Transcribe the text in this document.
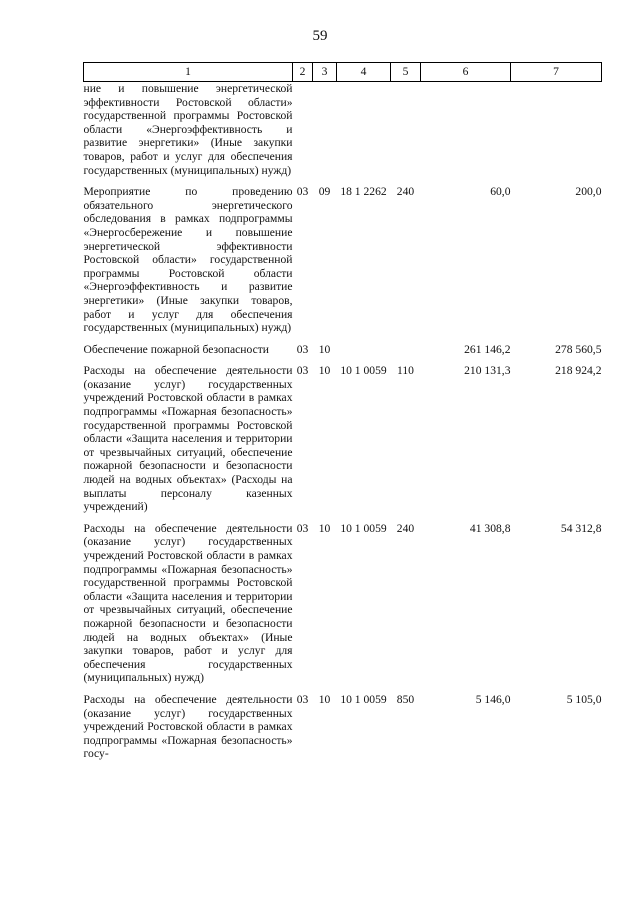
59
1	2	3	4	5	6	7
ние и повышение энергетической эффективности Ростовской области» государственной программы Ростовской области «Энергоэффективность и развитие энергетики» (Иные закупки товаров, работ и услуг для обеспечения государственных (муниципальных) нужд)						
Мероприятие по проведению обязательного энергетического обследования в рамках подпрограммы «Энергосбережение и повышение энергетической эффективности Ростовской области» государственной программы Ростовской области «Энергоэффективность и развитие энергетики» (Иные закупки товаров, работ и услуг для обеспечения государственных (муниципальных) нужд)	03	09	18 1 2262	240	60,0	200,0
Обеспечение пожарной безопасности	03	10			261 146,2	278 560,5
Расходы на обеспечение деятельности (оказание услуг) государственных учреждений Ростовской области в рамках подпрограммы «Пожарная безопасность» государственной программы Ростовской области «Защита населения и территории от чрезвычайных ситуаций, обеспечение пожарной безопасности и безопасности людей на водных объектах» (Расходы на выплаты персоналу казенных учреждений)	03	10	10 1 0059	110	210 131,3	218 924,2
Расходы на обеспечение деятельности (оказание услуг) государственных учреждений Ростовской области в рамках подпрограммы «Пожарная безопасность» государственной программы Ростовской области «Защита населения и территории от чрезвычайных ситуаций, обеспечение пожарной безопасности и безопасности людей на водных объектах» (Иные закупки товаров, работ и услуг для обеспечения государственных (муниципальных) нужд)	03	10	10 1 0059	240	41 308,8	54 312,8
Расходы на обеспечение деятельности (оказание услуг) государственных учреждений Ростовской области в рамках подпрограммы «Пожарная безопасность» госу-	03	10	10 1 0059	850	5 146,0	5 105,0
